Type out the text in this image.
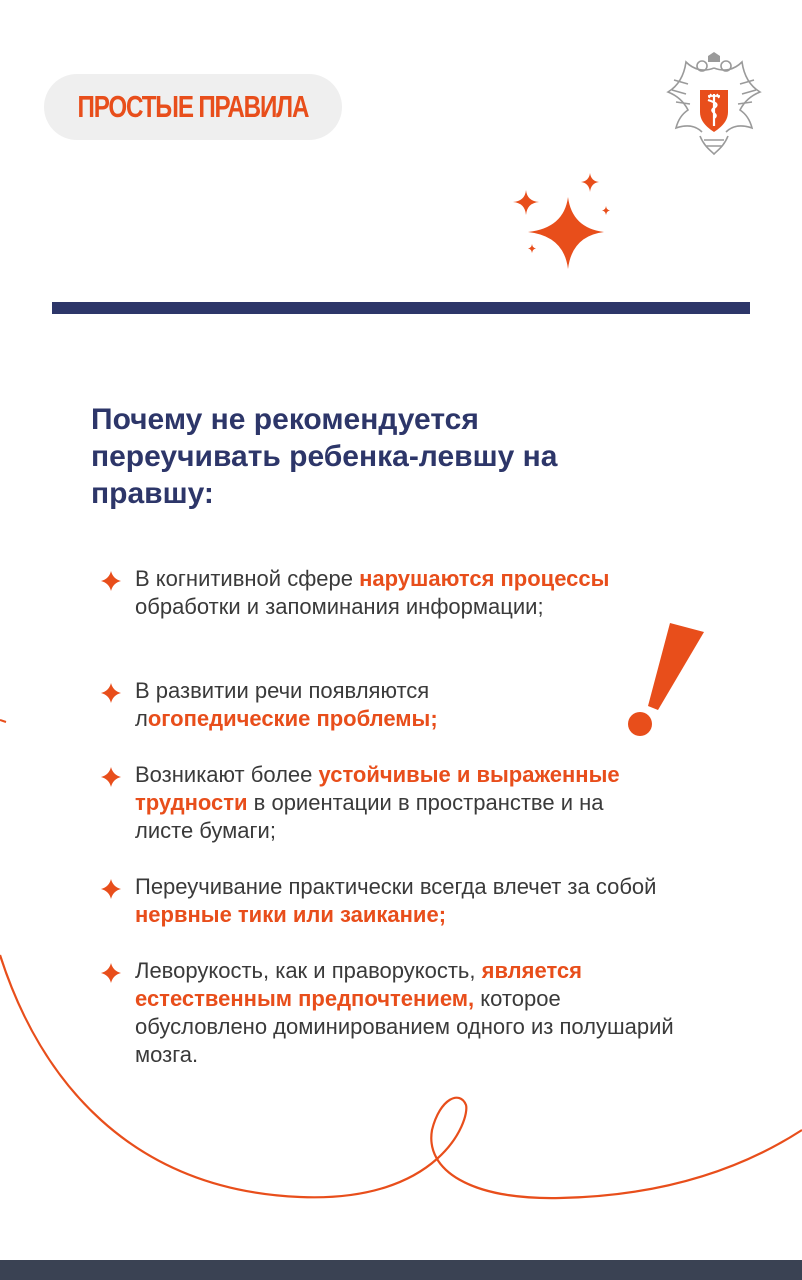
ПРОСТЫЕ ПРАВИЛА
Почему не рекомендуется переучивать ребенка-левшу на правшу:

В когнитивной сфере нарушаются процессы обработки и запоминания информации;

В развитии речи появляются логопедические проблемы;

Возникают более устойчивые и выраженные трудности в ориентации в пространстве и на листе бумаги;

Переучивание практически всегда влечет за собой нервные тики или заикание;

Леворукость, как и праворукость, является естественным предпочтением, которое обусловлено доминированием одного из полушарий мозга.
